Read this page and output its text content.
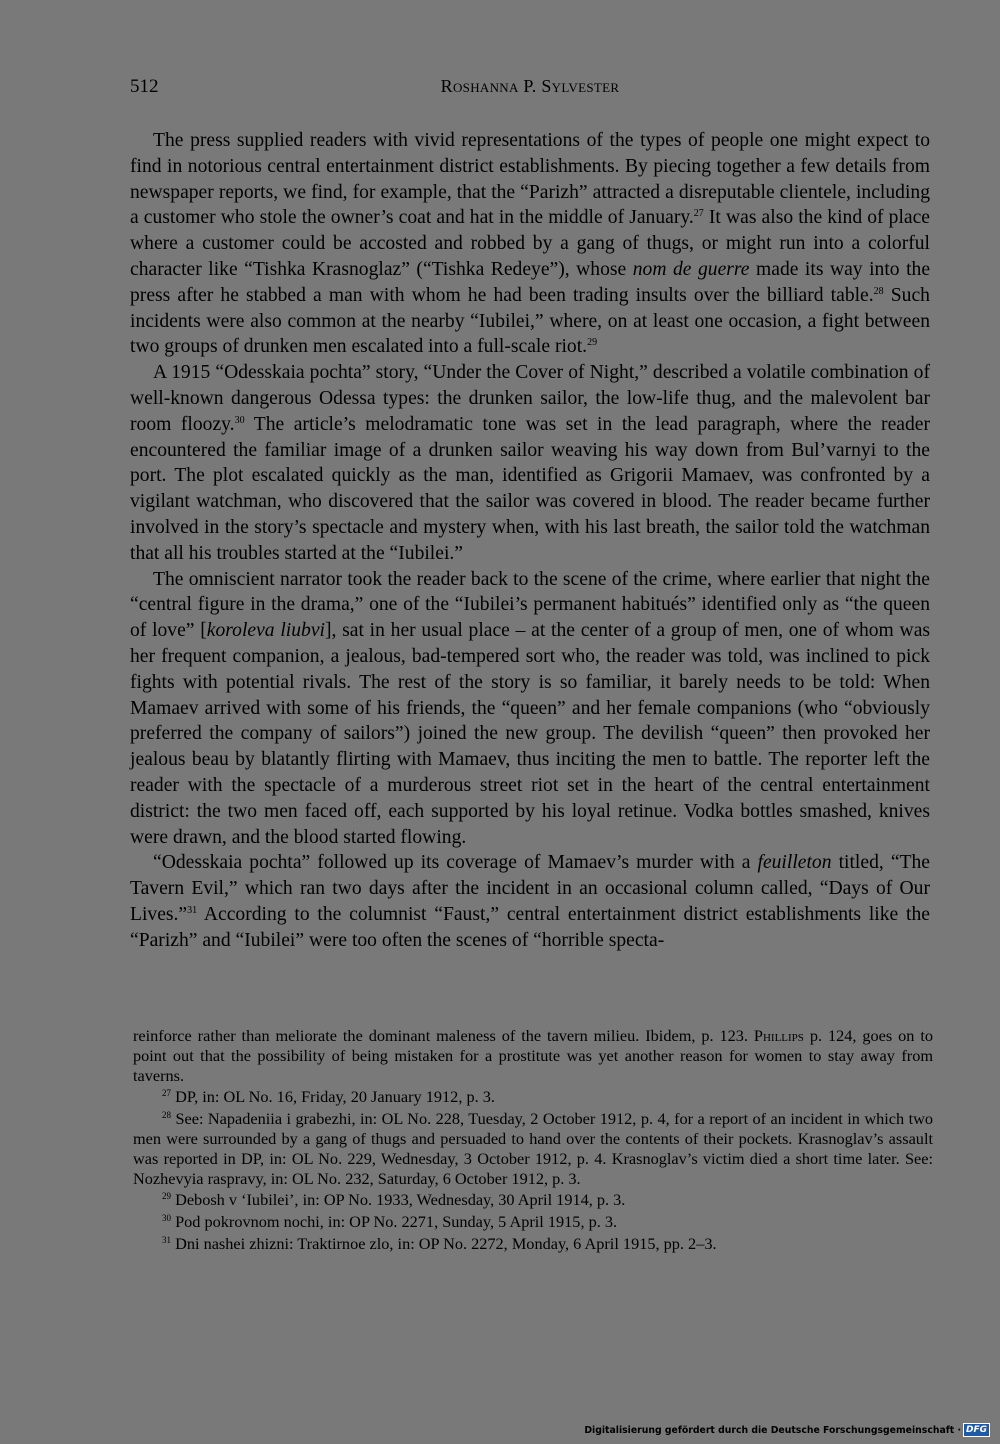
512	Roshanna P. Sylvester

The press supplied readers with vivid representations of the types of people one might expect to find in notorious central entertainment district establishments. By piecing together a few details from newspaper reports, we find, for example, that the “Parizh” attracted a disreputable clientele, including a customer who stole the owner’s coat and hat in the middle of January.$^{27}$ It was also the kind of place where a customer could be accosted and robbed by a gang of thugs, or might run into a colorful character like “Tishka Krasnoglaz” (“Tishka Redeye”), whose nom de guerre made its way into the press after he stabbed a man with whom he had been trading insults over the billiard table.$^{28}$ Such incidents were also common at the nearby “Iubilei,” where, on at least one occasion, a fight between two groups of drunken men escalated into a full-scale riot.$^{29}$

A 1915 “Odesskaia pochta” story, “Under the Cover of Night,” described a volatile combination of well-known dangerous Odessa types: the drunken sailor, the low-life thug, and the malevolent bar room floozy.$^{30}$ The article’s melodramatic tone was set in the lead paragraph, where the reader encountered the familiar image of a drunken sailor weaving his way down from Bul’varnyi to the port. The plot escalated quickly as the man, identified as Grigorii Mamaev, was confronted by a vigilant watchman, who discovered that the sailor was covered in blood. The reader became further involved in the story’s spectacle and mystery when, with his last breath, the sailor told the watchman that all his troubles started at the “Iubilei.”

The omniscient narrator took the reader back to the scene of the crime, where earlier that night the “central figure in the drama,” one of the “Iubilei’s permanent habitués” identified only as “the queen of love” [koroleva liubvi], sat in her usual place – at the center of a group of men, one of whom was her frequent companion, a jealous, bad-tempered sort who, the reader was told, was inclined to pick fights with potential rivals. The rest of the story is so familiar, it barely needs to be told: When Mamaev arrived with some of his friends, the “queen” and her female companions (who “obviously preferred the company of sailors”) joined the new group. The devilish “queen” then provoked her jealous beau by blatantly flirting with Mamaev, thus inciting the men to battle. The reporter left the reader with the spectacle of a murderous street riot set in the heart of the central entertainment district: the two men faced off, each supported by his loyal retinue. Vodka bottles smashed, knives were drawn, and the blood started flowing.

“Odesskaia pochta” followed up its coverage of Mamaev’s murder with a feuilleton titled, “The Tavern Evil,” which ran two days after the incident in an occasional column called, “Days of Our Lives.”$^{31}$ According to the columnist “Faust,” central entertainment district establishments like the “Parizh” and “Iubilei” were too often the scenes of “horrible specta-

reinforce rather than meliorate the dominant maleness of the tavern milieu. Ibidem, p. 123. Phillips p. 124, goes on to point out that the possibility of being mistaken for a prostitute was yet another reason for women to stay away from taverns.

$^{27}$ DP, in: OL No. 16, Friday, 20 January 1912, p. 3.

$^{28}$ See: Napadeniia i grabezhi, in: OL No. 228, Tuesday, 2 October 1912, p. 4, for a report of an incident in which two men were surrounded by a gang of thugs and persuaded to hand over the contents of their pockets. Krasnoglav’s assault was reported in DP, in: OL No. 229, Wednesday, 3 October 1912, p. 4. Krasnoglav’s victim died a short time later. See: Nozhevyia raspravy, in: OL No. 232, Saturday, 6 October 1912, p. 3.

$^{29}$ Debosh v ‘Iubilei’, in: OP No. 1933, Wednesday, 30 April 1914, p. 3.

$^{30}$ Pod pokrovnom nochi, in: OP No. 2271, Sunday, 5 April 1915, p. 3.

$^{31}$ Dni nashei zhizni: Traktirnoe zlo, in: OP No. 2272, Monday, 6 April 1915, pp. 2–3.

Digitalisierung gefördert durch die Deutsche Forschungsgemeinschaft · DFG
